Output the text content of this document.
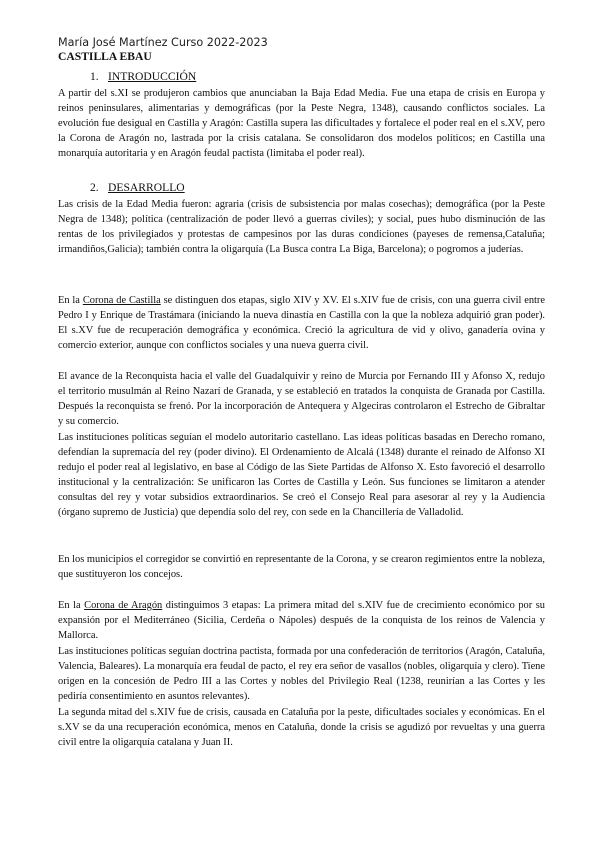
María José Martínez Curso 2022-2023
CASTILLA EBAU
1. INTRODUCCIÓN

A partir del s.XI se produjeron cambios que anunciaban la Baja Edad Media. Fue una etapa de crisis en Europa y reinos peninsulares, alimentarias y demográficas (por la Peste Negra, 1348), causando conflictos sociales. La evolución fue desigual en Castilla y Aragón: Castilla supera las dificultades y fortalece el poder real en el s.XV, pero la Corona de Aragón no, lastrada por la crisis catalana. Se consolidaron dos modelos políticos; en Castilla una monarquía autoritaria y en Aragón feudal pactista (limitaba el poder real).

2. DESARROLLO

Las crisis de la Edad Media fueron: agraria (crisis de subsistencia por malas cosechas); demográfica (por la Peste Negra de 1348); política (centralización de poder llevó a guerras civiles); y social, pues hubo disminución de las rentas de los privilegiados y protestas de campesinos por las duras condiciones (payeses de remensa,Cataluña; irmandiños,Galicia); también contra la oligarquía (La Busca contra La Biga, Barcelona); o pogromos a juderías.

En la Corona de Castilla se distinguen dos etapas, siglo XIV y XV. El s.XIV fue de crisis, con una guerra civil entre Pedro I y Enrique de Trastámara (iniciando la nueva dinastía en Castilla con la que la nobleza adquirió gran poder). El s.XV fue de recuperación demográfica y económica. Creció la agricultura de vid y olivo, ganadería ovina y comercio exterior, aunque con conflictos sociales y una nueva guerra civil.

El avance de la Reconquista hacia el valle del Guadalquivir y reino de Murcia por Fernando III y Afonso X, redujo el territorio musulmán al Reino Nazarí de Granada, y se estableció en tratados la conquista de Granada por Castilla. Después la reconquista se frenó. Por la incorporación de Antequera y Algeciras controlaron el Estrecho de Gibraltar y su comercio.

Las instituciones políticas seguían el modelo autoritario castellano. Las ideas políticas basadas en Derecho romano, defendían la supremacía del rey (poder divino). El Ordenamiento de Alcalá (1348) durante el reinado de Alfonso XI redujo el poder real al legislativo, en base al Código de las Siete Partidas de Alfonso X. Esto favoreció el desarrollo institucional y la centralización: Se unificaron las Cortes de Castilla y León. Sus funciones se limitaron a atender consultas del rey y votar subsidios extraordinarios. Se creó el Consejo Real para asesorar al rey y la Audiencia (órgano supremo de Justicia) que dependía solo del rey, con sede en la Chancillería de Valladolid.

En los municipios el corregidor se convirtió en representante de la Corona, y se crearon regimientos entre la nobleza, que sustituyeron los concejos.

En la Corona de Aragón distinguimos 3 etapas: La primera mitad del s.XIV fue de crecimiento económico por su expansión por el Mediterráneo (Sicilia, Cerdeña o Nápoles) después de la conquista de los reinos de Valencia y Mallorca.

Las instituciones políticas seguían doctrina pactista, formada por una confederación de territorios (Aragón, Cataluña, Valencia, Baleares). La monarquía era feudal de pacto, el rey era señor de vasallos (nobles, oligarquía y clero). Tiene origen en la concesión de Pedro III a las Cortes y nobles del Privilegio Real (1238, reunirían a las Cortes y les pediría consentimiento en asuntos relevantes).

La segunda mitad del s.XIV fue de crisis, causada en Cataluña por la peste, dificultades sociales y económicas. En el s.XV se da una recuperación económica, menos en Cataluña, donde la crisis se agudizó por revueltas y una guerra civil entre la oligarquía catalana y Juan II.
